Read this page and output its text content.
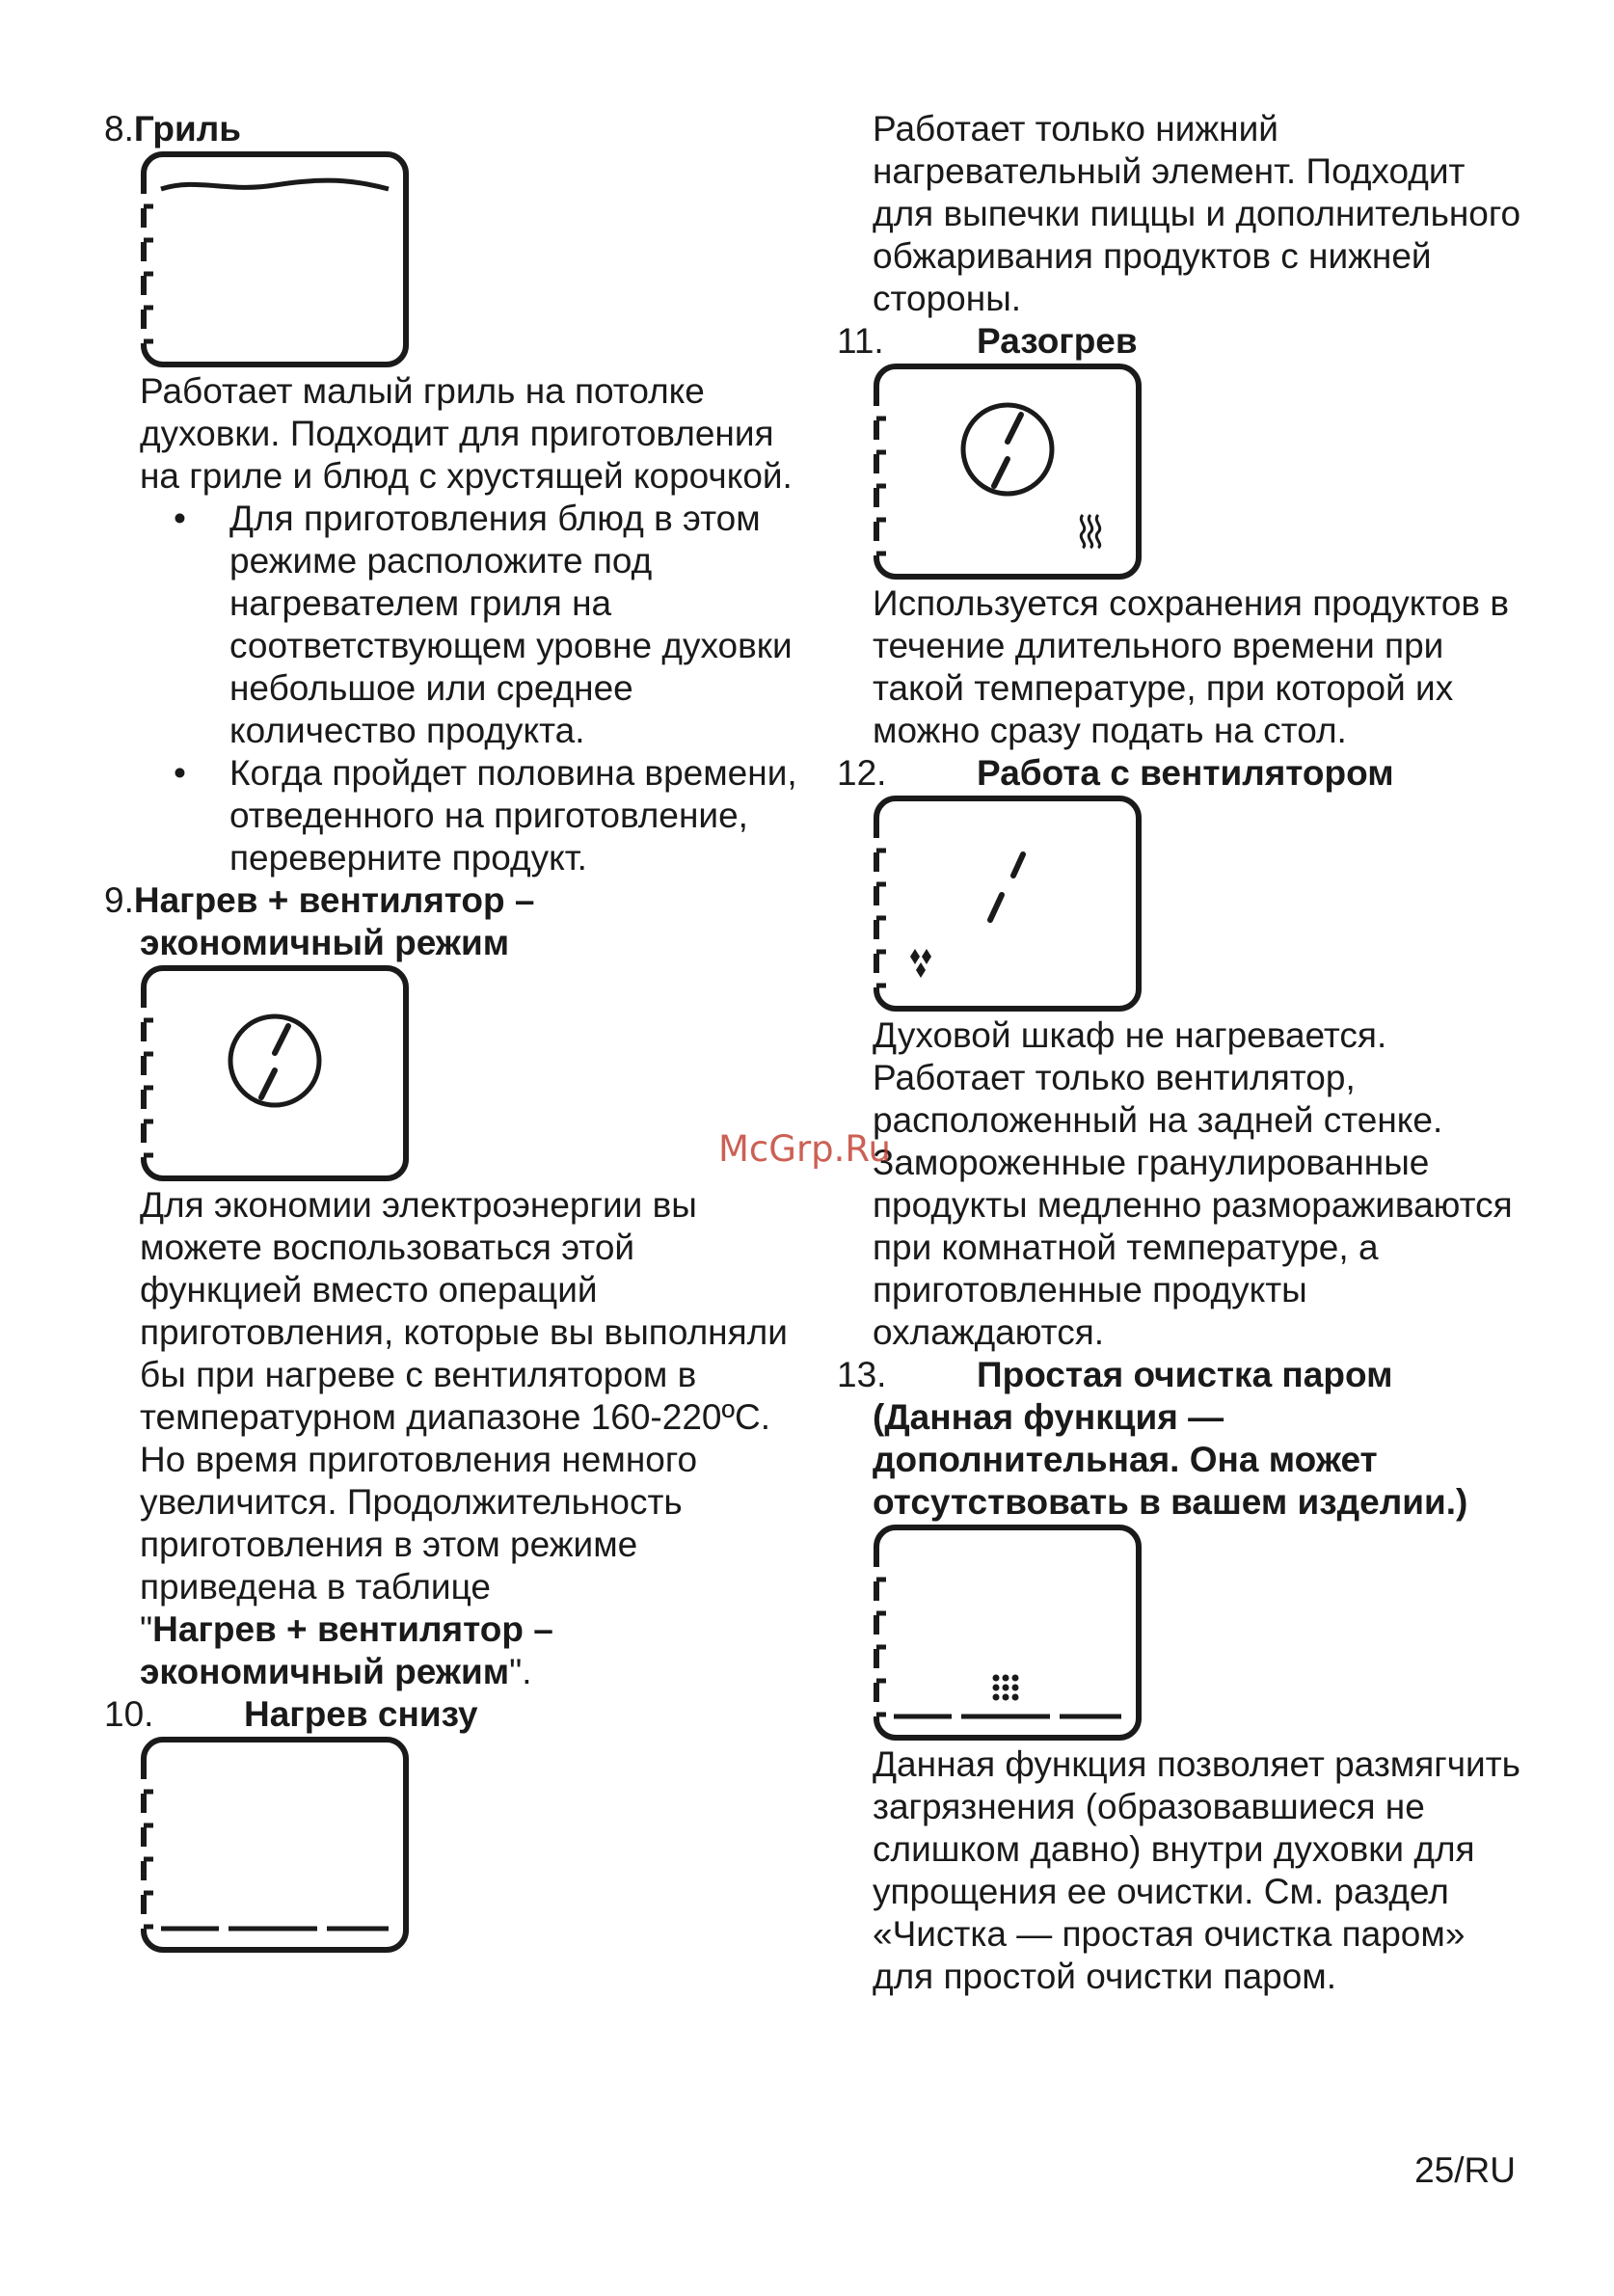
8.Гриль

Работает малый гриль на потолке духовки. Подходит для приготовления на гриле и блюд с хрустящей корочкой.

• Для приготовления блюд в этом режиме расположите под нагревателем гриля на соответствующем уровне духовки небольшое или среднее количество продукта.
• Когда пройдет половина времени, отведенного на приготовление, переверните продукт.

9.Нагрев + вентилятор –

экономичный режим

Для экономии электроэнергии вы можете воспользоваться этой функцией вместо операций приготовления, которые вы выполняли бы при нагреве с вентилятором в температурном диапазоне 160-220ºC. Но время приготовления немного увеличится. Продолжительность приготовления в этом режиме приведена в таблице
"Нагрев + вентилятор –
экономичный режим".

10.	Нагрев снизу

Работает только нижний нагревательный элемент. Подходит для выпечки пиццы и дополнительного обжаривания продуктов с нижней стороны.

11.	Разогрев

Используется сохранения продуктов в течение длительного времени при такой температуре, при которой их можно сразу подать на стол.

12.	Работа с вентилятором

Духовой шкаф не нагревается. Работает только вентилятор, расположенный на задней стенке. Замороженные гранулированные продукты медленно размораживаются при комнатной температуре, а приготовленные продукты охлаждаются.

13.	Простая очистка паром

(Данная функция — дополнительная. Она может отсутствовать в вашем изделии.)

Данная функция позволяет размягчить загрязнения (образовавшиеся не слишком давно) внутри духовки для упрощения ее очистки. См. раздел «Чистка — простая очистка паром» для простой очистки паром.

McGrp.Ru
25/RU
